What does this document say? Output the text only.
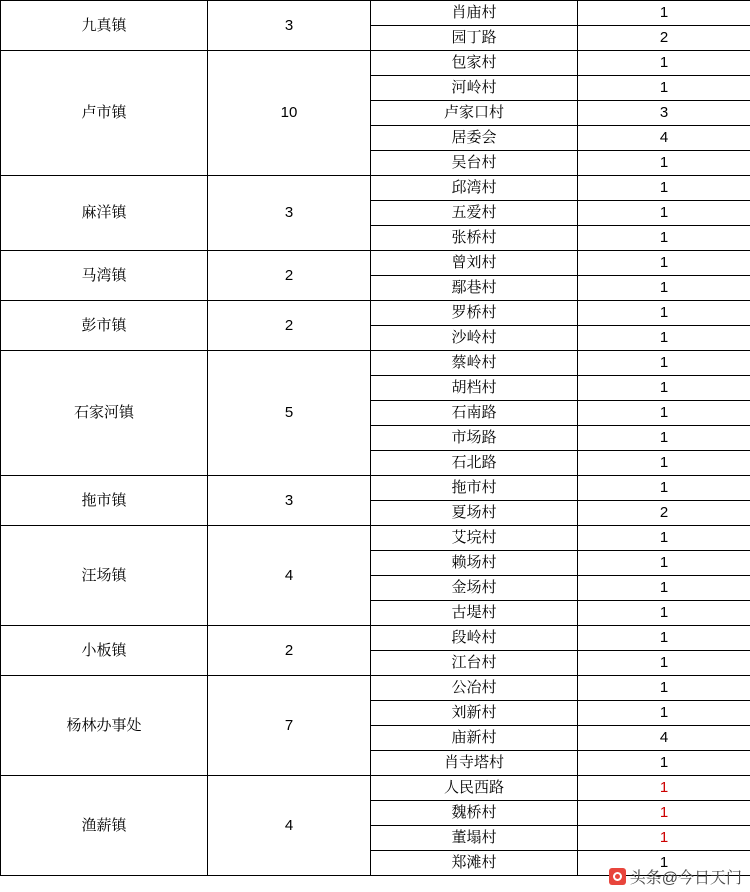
九真镇	3	肖庙村	1
		园丁路	2
卢市镇	10	包家村	1
		河岭村	1
		卢家口村	3
		居委会	4
		吴台村	1
麻洋镇	3	邱湾村	1
		五爱村	1
		张桥村	1
马湾镇	2	曾刘村	1
		鄢巷村	1
彭市镇	2	罗桥村	1
		沙岭村	1
石家河镇	5	蔡岭村	1
		胡档村	1
		石南路	1
		市场路	1
		石北路	1
拖市镇	3	拖市村	1
		夏场村	2
汪场镇	4	艾垸村	1
		赖场村	1
		金场村	1
		古堤村	1
小板镇	2	段岭村	1
		江台村	1
杨林办事处	7	公冶村	1
		刘新村	1
		庙新村	4
		肖寺塔村	1
渔薪镇	4	人民西路	1
		魏桥村	1
		董塌村	1
		郑滩村	1
头条@今日天门
